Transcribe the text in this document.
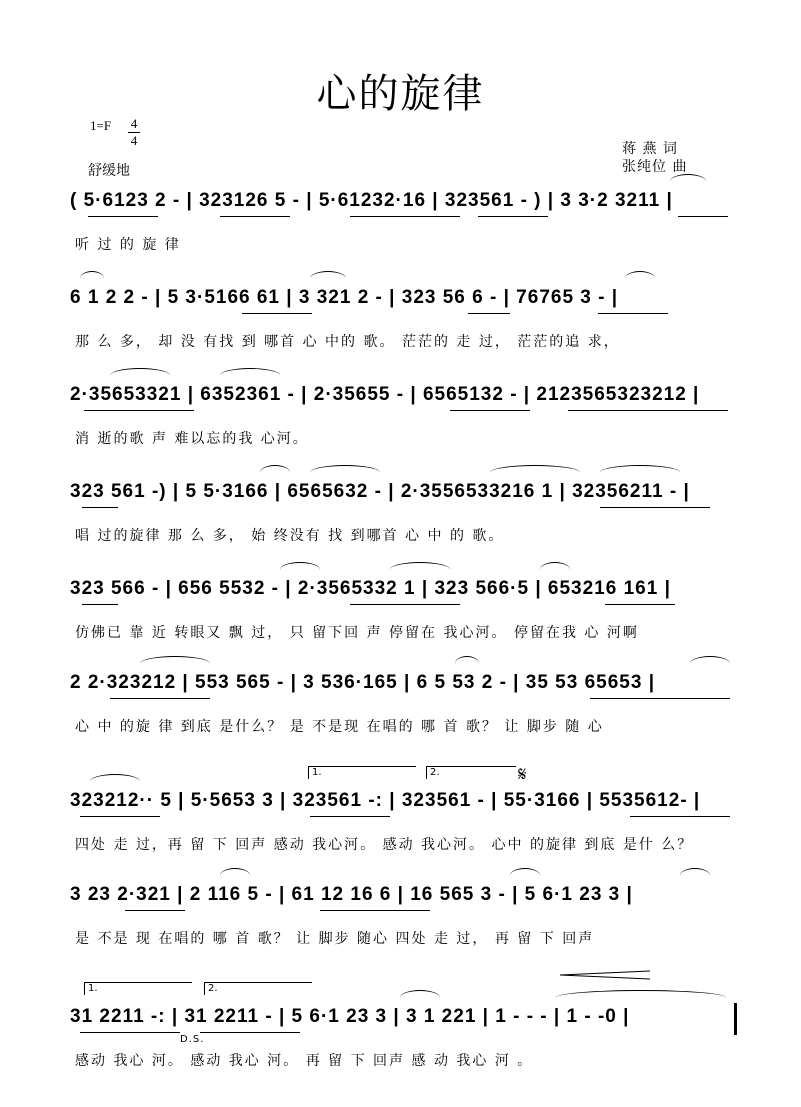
心的旋律
$1=F \frac{4}{4}$
舒缓地
蒋 燕 词
张纯位 曲
( 5·6123 2 - | 323126 5 - | 5·61232·16 | 323561 - ) | 3 3·2 3211 |
听 过 的 旋 律
6 1 2 2 - | 5 3·5166 61 | 3 321 2 - | 323 56 6 - | 76765 3 - |
那 么 多， 却 没 有找 到 哪首 心 中的 歌。 茫茫的 走 过， 茫茫的追 求，
2·35653321 | 6352361 - | 2·35655 - | 6565132 - | 2123565323212 |
消 逝的歌 声 难以忘的我 心河。
323 561 -) | 5 5·3166 | 6565632 - | 2·3556533216 1 | 32356211 - |
唱 过的旋律 那 么 多， 始 终没有 找 到哪首 心 中 的 歌。
323 566 - | 656 5532 - | 2·3565332 1 | 323 566·5 | 653216 161 |
仿佛已 靠 近 转眼又 飘 过， 只 留下回 声 停留在 我心河。 停留在我 心 河啊
2 2·323212 | 553 565 - | 3 536·165 | 6 5 53 2 - | 35 53 65653 |
心 中 的旋 律 到底 是什么？ 是 不是现 在唱的 哪 首 歌？ 让 脚步 随 心
323212·· 5 | 5·5653 3 | 323561 -: | 323561 - | 55·3166 | 5535612- |
四处 走 过，再 留 下 回声 感动 我心河。 感动 我心河。 心中 的旋律 到底 是什 么？
1.	2.	𝄋
3 23 2·321 | 2 116 5 - | 61 12 16 6 | 16 565 3 - | 5 6·1 23 3 |
是 不是 现 在唱的 哪 首 歌？ 让 脚步 随心 四处 走 过， 再 留 下 回声
31 2211 -: | 31 2211 - | 5 6·1 23 3 | 3 1 221 | 1 - - - | 1 - -0 |
感动 我心 河。 感动 我心 河。 再 留 下 回声 感 动 我心 河 。
1.	2.
D.S.
